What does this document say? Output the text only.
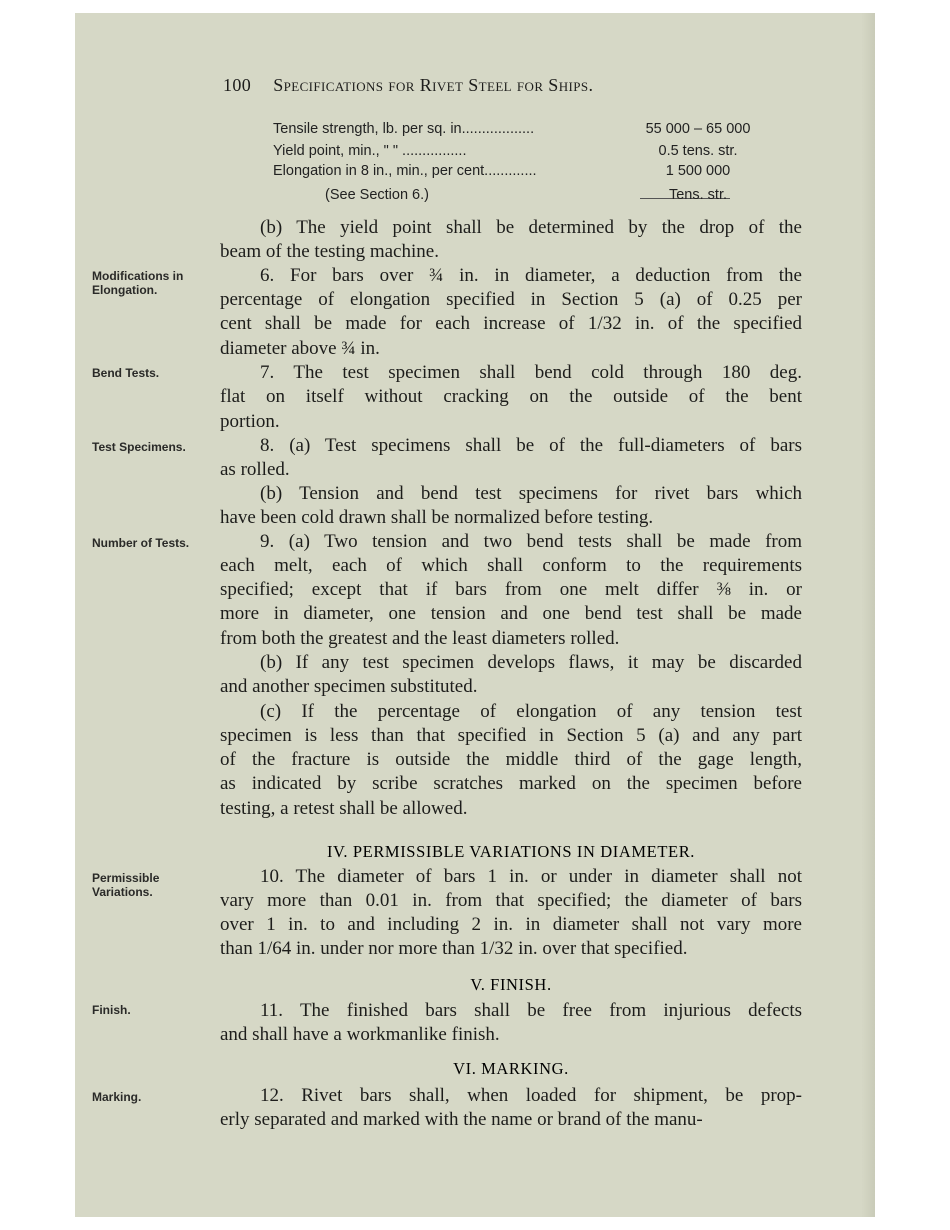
100 Specifications for Rivet Steel for Ships.
Tensile strength, lb. per sq. in..................	55 000 – 65 000
Yield point, min., " " ................	0.5 tens. str.
Elongation in 8 in., min., per cent.............	1 500 000
(See Section 6.)	Tens. str.
Modifications in
Elongation.
Bend Tests.
Test Specimens.
Number of Tests.
Permissible
Variations.
Finish.
Marking.
IV. PERMISSIBLE VARIATIONS IN DIAMETER.
V. FINISH.
VI. MARKING.
(b) The yield point shall be determined by the drop of the
beam of the testing machine.
6. For bars over ¾ in. in diameter, a deduction from the
percentage of elongation specified in Section 5 (a) of 0.25 per
cent shall be made for each increase of 1/32 in. of the specified
diameter above ¾ in.
7. The test specimen shall bend cold through 180 deg.
flat on itself without cracking on the outside of the bent
portion.
8. (a) Test specimens shall be of the full-diameters of bars
as rolled.
(b) Tension and bend test specimens for rivet bars which
have been cold drawn shall be normalized before testing.
9. (a) Two tension and two bend tests shall be made from
each melt, each of which shall conform to the requirements
specified; except that if bars from one melt differ ⅜ in. or
more in diameter, one tension and one bend test shall be made
from both the greatest and the least diameters rolled.
(b) If any test specimen develops flaws, it may be discarded
and another specimen substituted.
(c) If the percentage of elongation of any tension test
specimen is less than that specified in Section 5 (a) and any part
of the fracture is outside the middle third of the gage length,
as indicated by scribe scratches marked on the specimen before
testing, a retest shall be allowed.
10. The diameter of bars 1 in. or under in diameter shall not
vary more than 0.01 in. from that specified; the diameter of bars
over 1 in. to and including 2 in. in diameter shall not vary more
than 1/64 in. under nor more than 1/32 in. over that specified.
11. The finished bars shall be free from injurious defects
and shall have a workmanlike finish.
12. Rivet bars shall, when loaded for shipment, be prop-
erly separated and marked with the name or brand of the manu-
